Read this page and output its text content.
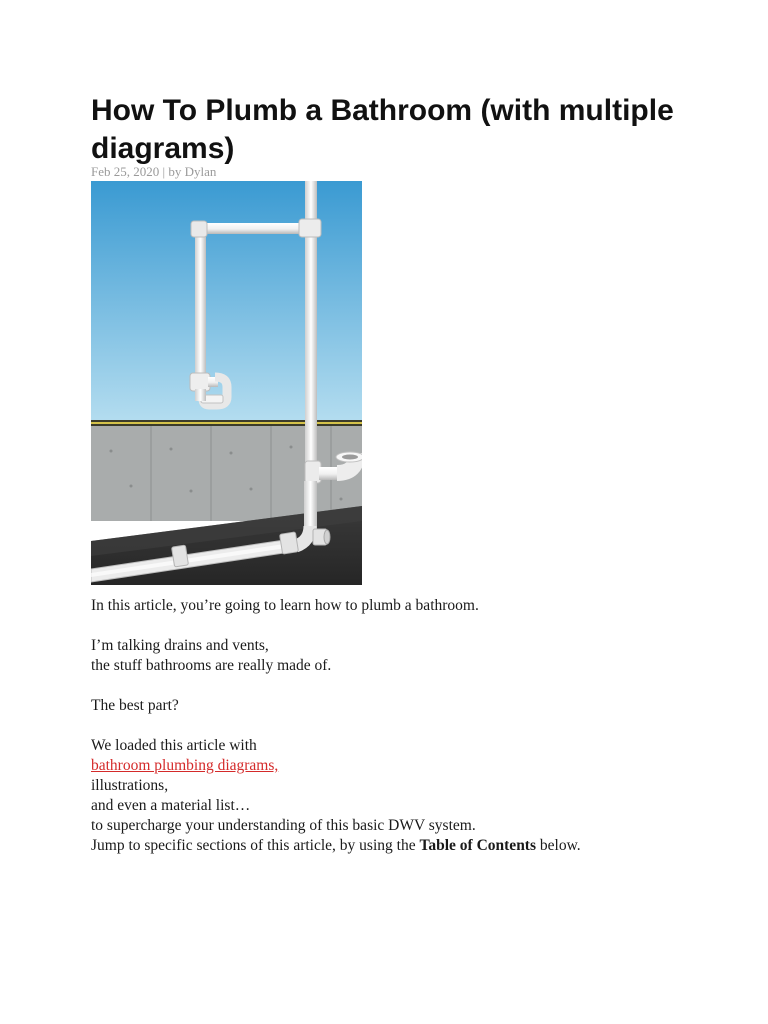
How To Plumb a Bathroom (with multiple diagrams)
Feb 25, 2020 | by Dylan

In this article, you’re going to learn how to plumb a bathroom.

I’m talking drains and vents,

the stuff bathrooms are really made of.

The best part?

We loaded this article with

bathroom plumbing diagrams,

illustrations,

and even a material list…

to supercharge your understanding of this basic DWV system.

Jump to specific sections of this article, by using the Table of Contents below.
